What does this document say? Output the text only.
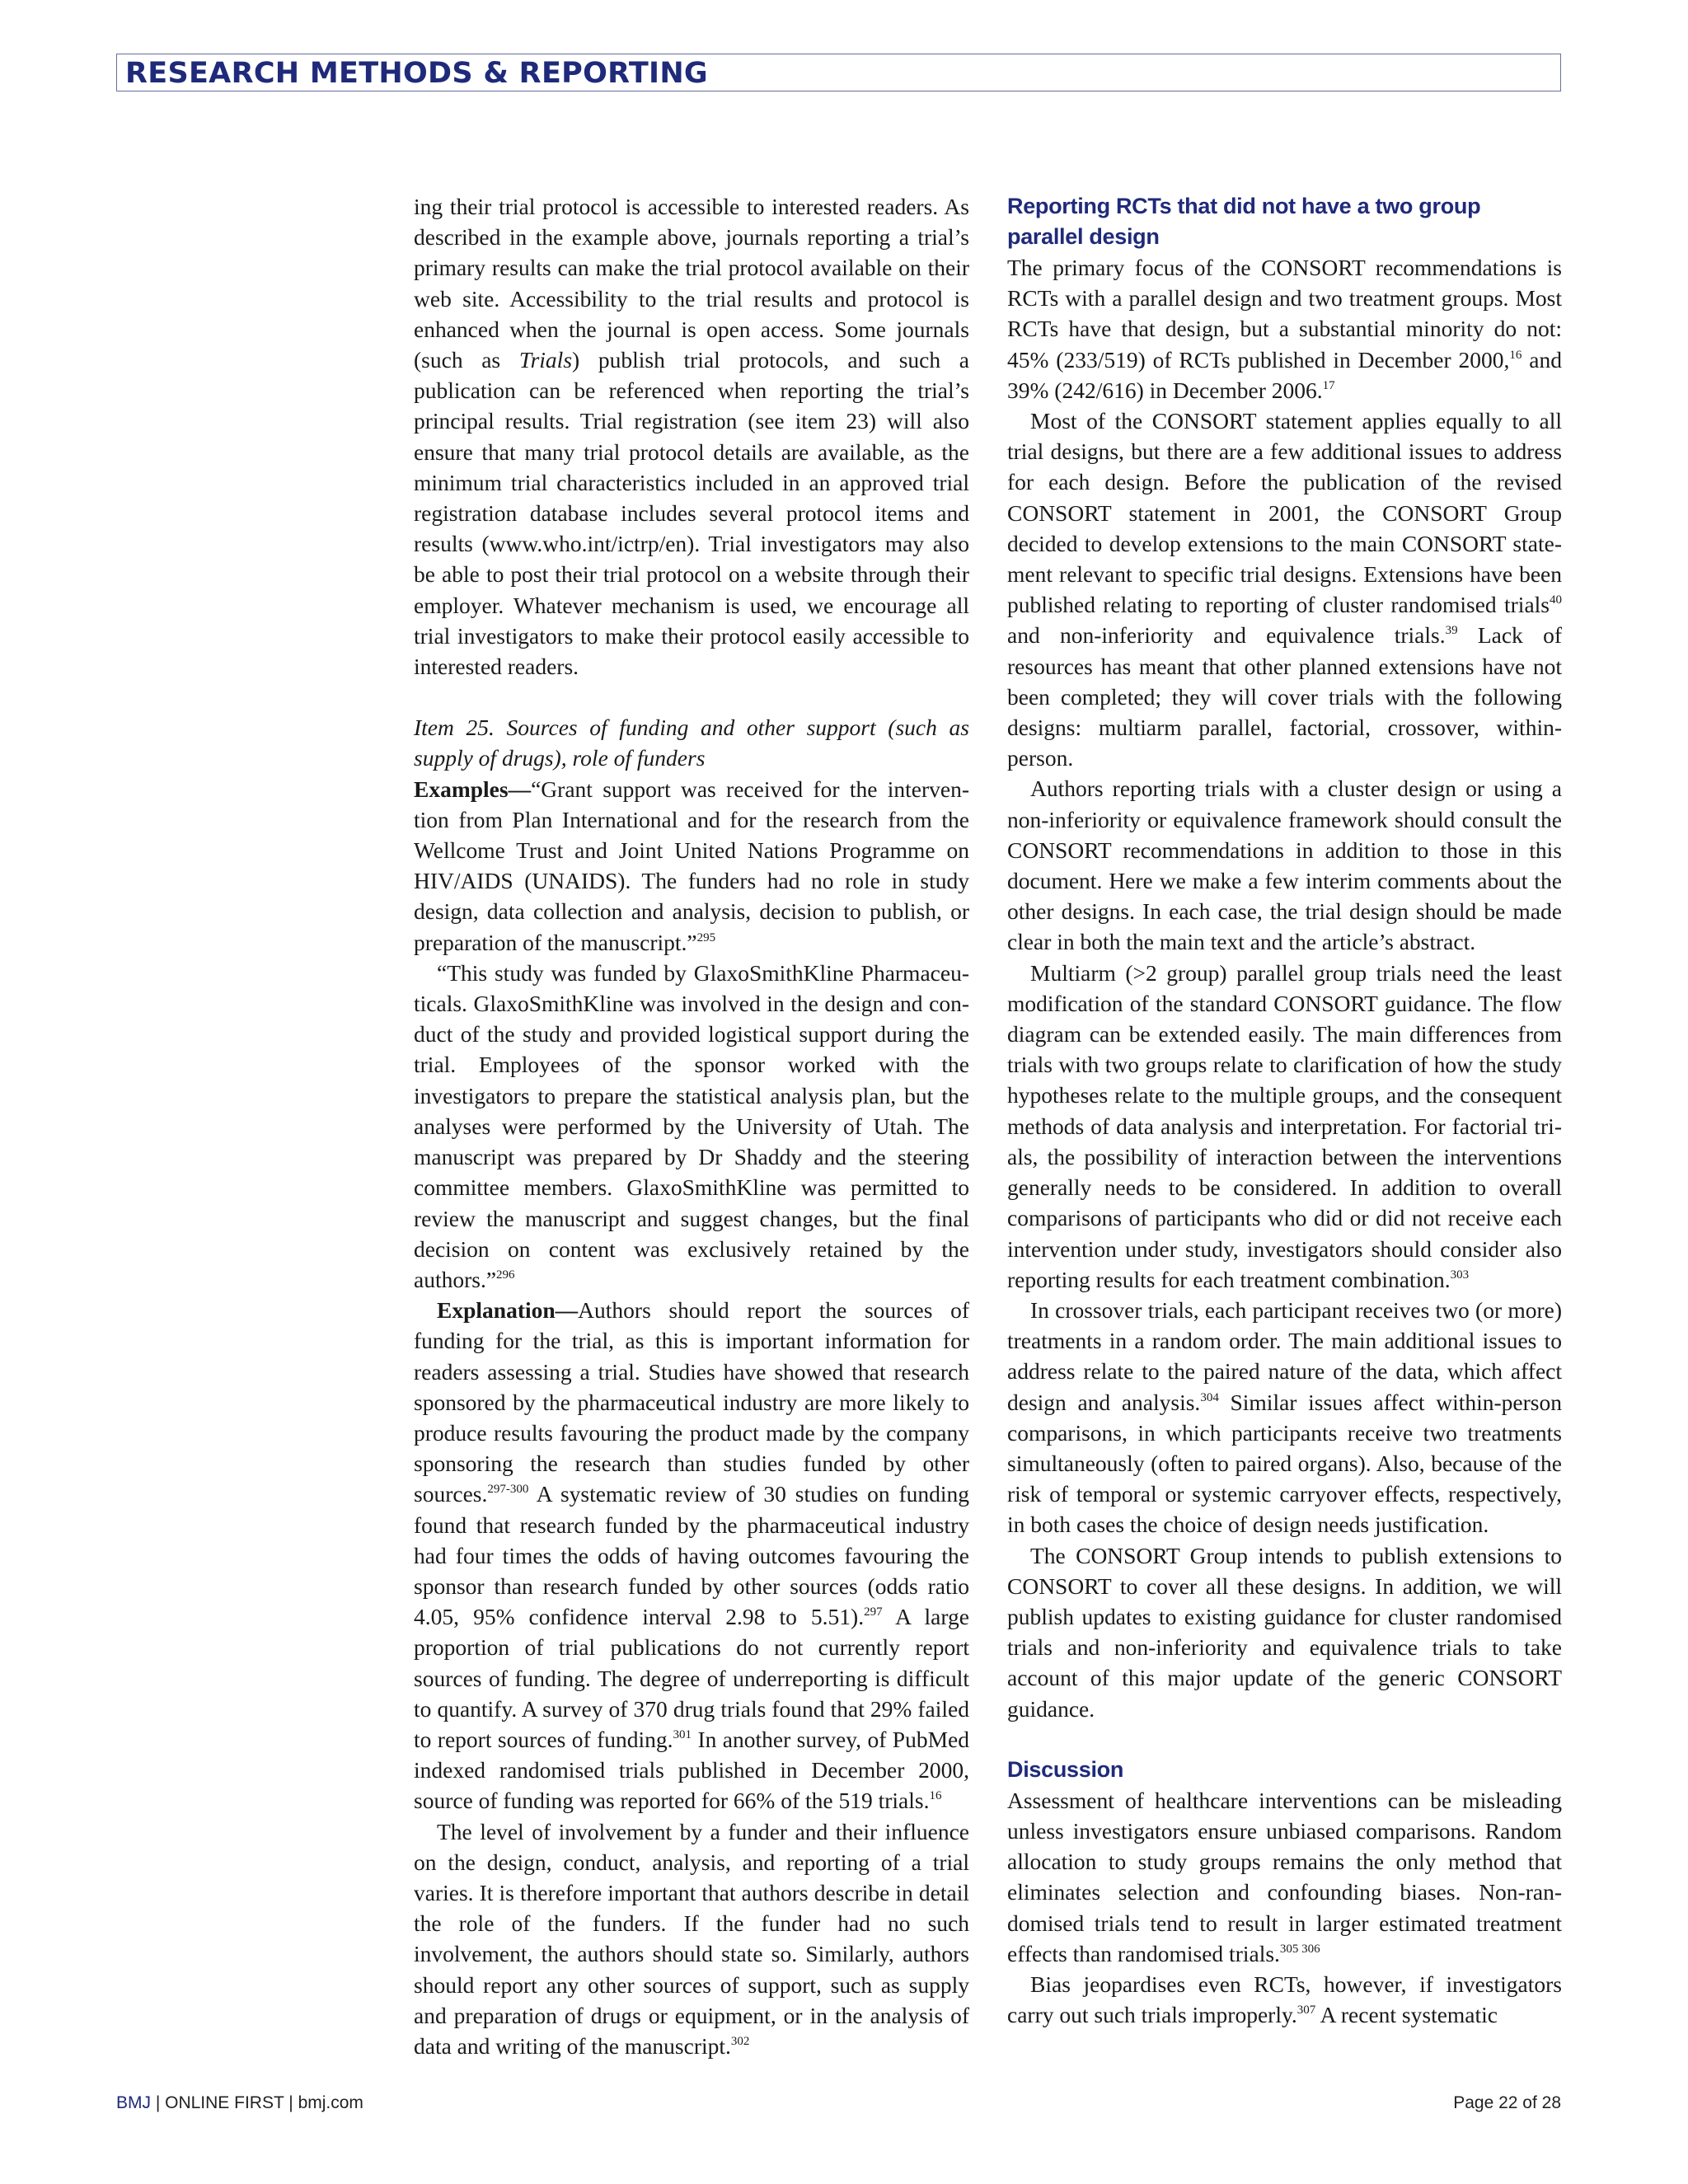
RESEARCH METHODS & REPORTING

ing their trial protocol is accessible to interested readers. As described in the example above, journals reporting a trial’s primary results can make the trial protocol available on their web site. Accessibility to the trial results and protocol is enhanced when the journal is open access. Some journals (such as Trials) publish trial protocols, and such a publication can be referenced when reporting the trial’s principal results. Trial registration (see item 23) will also ensure that many trial protocol details are available, as the minimum trial characteristics included in an approved trial registration database includes several protocol items and results (www.who.int/ictrp/en). Trial investigators may also be able to post their trial protocol on a website through their employer. Whatever mechanism is used, we encourage all trial investigators to make their protocol easily accessible to interested readers.

Item 25. Sources of funding and other support (such as supply of drugs), role of funders

Examples—“Grant support was received for the intervention from Plan International and for the research from the Wellcome Trust and Joint United Nations Programme on HIV/AIDS (UNAIDS). The funders had no role in study design, data collection and analysis, decision to publish, or preparation of the manuscript.”$^{295}$

“This study was funded by GlaxoSmithKline Pharmaceuticals. GlaxoSmithKline was involved in the design and conduct of the study and provided logistical support during the trial. Employees of the sponsor worked with the investigators to prepare the statistical analysis plan, but the analyses were performed by the University of Utah. The manuscript was prepared by Dr Shaddy and the steering committee members. GlaxoSmithKline was permitted to review the manuscript and suggest changes, but the final decision on content was exclusively retained by the authors.”$^{296}$

Explanation—Authors should report the sources of funding for the trial, as this is important information for readers assessing a trial. Studies have showed that research sponsored by the pharmaceutical industry are more likely to produce results favouring the product made by the company sponsoring the research than studies funded by other sources.$^{297-300}$ A systematic review of 30 studies on funding found that research funded by the pharmaceutical industry had four times the odds of having outcomes favouring the sponsor than research funded by other sources (odds ratio 4.05, 95% confidence interval 2.98 to 5.51).$^{297}$ A large proportion of trial publications do not currently report sources of funding. The degree of underreporting is difficult to quantify. A survey of 370 drug trials found that 29% failed to report sources of funding.$^{301}$ In another survey, of PubMed indexed randomised trials published in December 2000, source of funding was reported for 66% of the 519 trials.$^{16}$

The level of involvement by a funder and their influence on the design, conduct, analysis, and reporting of a trial varies. It is therefore important that authors describe in detail the role of the funders. If the funder had no such involvement, the authors should state so. Similarly, authors should report any other sources of support, such as supply and preparation of drugs or equipment, or in the analysis of data and writing of the manuscript.$^{302}$

Reporting RCTs that did not have a two group parallel design

The primary focus of the CONSORT recommendations is RCTs with a parallel design and two treatment groups. Most RCTs have that design, but a substantial minority do not: 45% (233/519) of RCTs published in December 2000,16 and 39% (242/616) in December 2006.17

Most of the CONSORT statement applies equally to all trial designs, but there are a few additional issues to address for each design. Before the publication of the revised CONSORT statement in 2001, the CONSORT Group decided to develop extensions to the main CONSORT statement relevant to specific trial designs. Extensions have been published relating to reporting of cluster randomised trials$^{40}$ and non-inferiority and equivalence trials.$^{39}$ Lack of resources has meant that other planned extensions have not been completed; they will cover trials with the following designs: multiarm parallel, factorial, crossover, within-person.

Authors reporting trials with a cluster design or using a non-inferiority or equivalence framework should consult the CONSORT recommendations in addition to those in this document. Here we make a few interim comments about the other designs. In each case, the trial design should be made clear in both the main text and the article’s abstract.

Multiarm (>2 group) parallel group trials need the least modification of the standard CONSORT guidance. The flow diagram can be extended easily. The main differences from trials with two groups relate to clarification of how the study hypotheses relate to the multiple groups, and the consequent methods of data analysis and interpretation. For factorial trials, the possibility of interaction between the interventions generally needs to be considered. In addition to overall comparisons of participants who did or did not receive each intervention under study, investigators should consider also reporting results for each treatment combination.$^{303}$

In crossover trials, each participant receives two (or more) treatments in a random order. The main additional issues to address relate to the paired nature of the data, which affect design and analysis.$^{304}$ Similar issues affect within-person comparisons, in which participants receive two treatments simultaneously (often to paired organs). Also, because of the risk of temporal or systemic carryover effects, respectively, in both cases the choice of design needs justification.

The CONSORT Group intends to publish extensions to CONSORT to cover all these designs. In addition, we will publish updates to existing guidance for cluster randomised trials and non-inferiority and equivalence trials to take account of this major update of the generic CONSORT guidance.

Discussion

Assessment of healthcare interventions can be misleading unless investigators ensure unbiased comparisons. Random allocation to study groups remains the only method that eliminates selection and confounding biases. Non-randomised trials tend to result in larger estimated treatment effects than randomised trials.$^{305 306}$

Bias jeopardises even RCTs, however, if investigators carry out such trials improperly.$^{307}$ A recent systematic

BMJ | ONLINE FIRST | bmj.com	Page 22 of 28
